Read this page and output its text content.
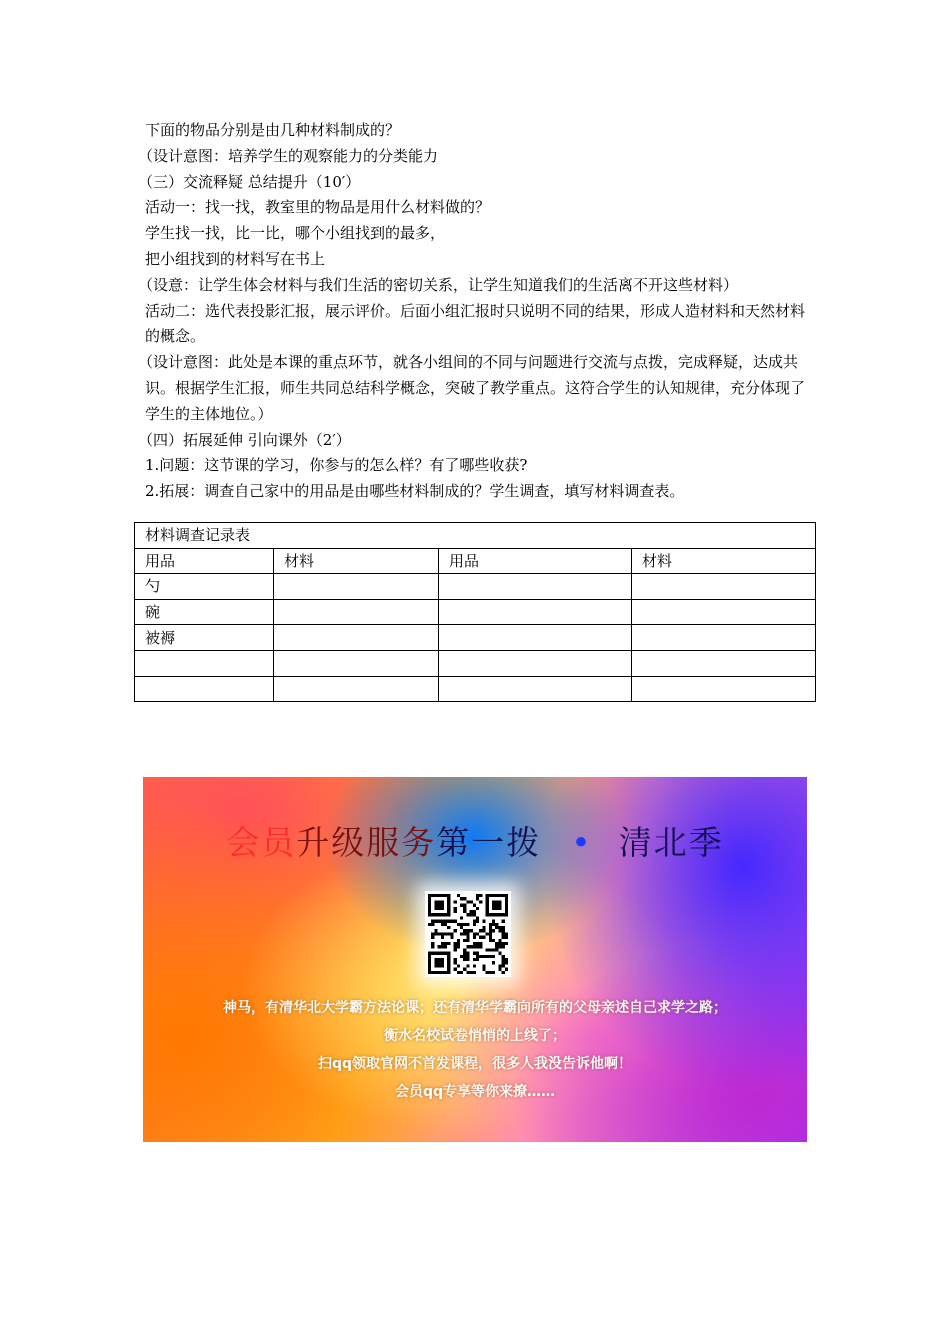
下面的物品分别是由几种材料制成的？

（设计意图：培养学生的观察能力的分类能力

（三）交流释疑 总结提升（10′）

活动一：找一找，教室里的物品是用什么材料做的？

学生找一找，比一比，哪个小组找到的最多，

把小组找到的材料写在书上

（设意：让学生体会材料与我们生活的密切关系，让学生知道我们的生活离不开这些材料）

活动二：选代表投影汇报，展示评价。后面小组汇报时只说明不同的结果，形成人造材料和天然材料的概念。

（设计意图：此处是本课的重点环节，就各小组间的不同与问题进行交流与点拨，完成释疑，达成共识。根据学生汇报，师生共同总结科学概念，突破了教学重点。这符合学生的认知规律，充分体现了学生的主体地位。）

（四）拓展延伸 引向课外（2′）

1.问题：这节课的学习，你参与的怎么样？有了哪些收获?

2.拓展：调查自己家中的用品是由哪些材料制成的？学生调查，填写材料调查表。

材料调查记录表			
用品	材料	用品	材料
勺			
碗			
被褥			

会员升级服务第一拨 • 清北季
神马，有清华北大学霸方法论课；还有清华学霸向所有的父母亲述自己求学之路；
衡水名校试卷悄悄的上线了；
扫qq领取官网不首发课程，很多人我没告诉他啊！
会员qq专享等你来撩……
